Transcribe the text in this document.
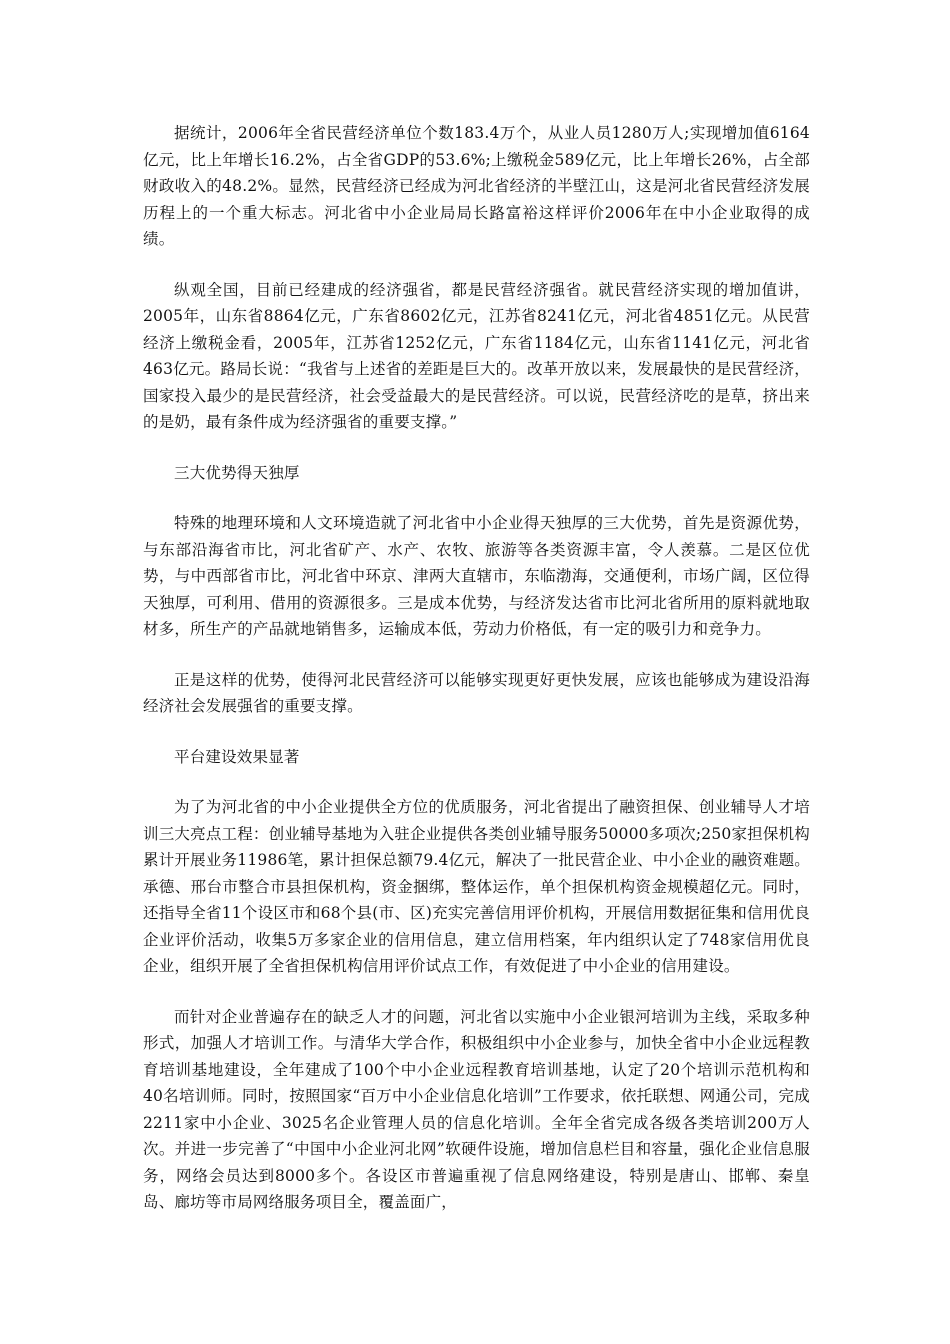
据统计，2006年全省民营经济单位个数183.4万个，从业人员1280万人;实现增加值6164亿元，比上年增长16.2%，占全省GDP的53.6%;上缴税金589亿元，比上年增长26%，占全部财政收入的48.2%。显然，民营经济已经成为河北省经济的半壁江山，这是河北省民营经济发展历程上的一个重大标志。河北省中小企业局局长路富裕这样评价2006年在中小企业取得的成绩。

纵观全国，目前已经建成的经济强省，都是民营经济强省。就民营经济实现的增加值讲，2005年，山东省8864亿元，广东省8602亿元，江苏省8241亿元，河北省4851亿元。从民营经济上缴税金看，2005年，江苏省1252亿元，广东省1184亿元，山东省1141亿元，河北省463亿元。路局长说：“我省与上述省的差距是巨大的。改革开放以来，发展最快的是民营经济，国家投入最少的是民营经济，社会受益最大的是民营经济。可以说，民营经济吃的是草，挤出来的是奶，最有条件成为经济强省的重要支撑。”

三大优势得天独厚

特殊的地理环境和人文环境造就了河北省中小企业得天独厚的三大优势，首先是资源优势，与东部沿海省市比，河北省矿产、水产、农牧、旅游等各类资源丰富，令人羡慕。二是区位优势，与中西部省市比，河北省中环京、津两大直辖市，东临渤海，交通便利，市场广阔，区位得天独厚，可利用、借用的资源很多。三是成本优势，与经济发达省市比河北省所用的原料就地取材多，所生产的产品就地销售多，运输成本低，劳动力价格低，有一定的吸引力和竞争力。

正是这样的优势，使得河北民营经济可以能够实现更好更快发展，应该也能够成为建设沿海经济社会发展强省的重要支撑。

平台建设效果显著

为了为河北省的中小企业提供全方位的优质服务，河北省提出了融资担保、创业辅导人才培训三大亮点工程：创业辅导基地为入驻企业提供各类创业辅导服务50000多项次;250家担保机构累计开展业务11986笔，累计担保总额79.4亿元，解决了一批民营企业、中小企业的融资难题。承德、邢台市整合市县担保机构，资金捆绑，整体运作，单个担保机构资金规模超亿元。同时，还指导全省11个设区市和68个县(市、区)充实完善信用评价机构，开展信用数据征集和信用优良企业评价活动，收集5万多家企业的信用信息，建立信用档案，年内组织认定了748家信用优良企业，组织开展了全省担保机构信用评价试点工作，有效促进了中小企业的信用建设。

而针对企业普遍存在的缺乏人才的问题，河北省以实施中小企业银河培训为主线，采取多种形式，加强人才培训工作。与清华大学合作，积极组织中小企业参与，加快全省中小企业远程教育培训基地建设，全年建成了100个中小企业远程教育培训基地，认定了20个培训示范机构和40名培训师。同时，按照国家“百万中小企业信息化培训”工作要求，依托联想、网通公司，完成2211家中小企业、3025名企业管理人员的信息化培训。全年全省完成各级各类培训200万人次。并进一步完善了“中国中小企业河北网”软硬件设施，增加信息栏目和容量，强化企业信息服务，网络会员达到8000多个。各设区市普遍重视了信息网络建设，特别是唐山、邯郸、秦皇岛、廊坊等市局网络服务项目全，覆盖面广，
